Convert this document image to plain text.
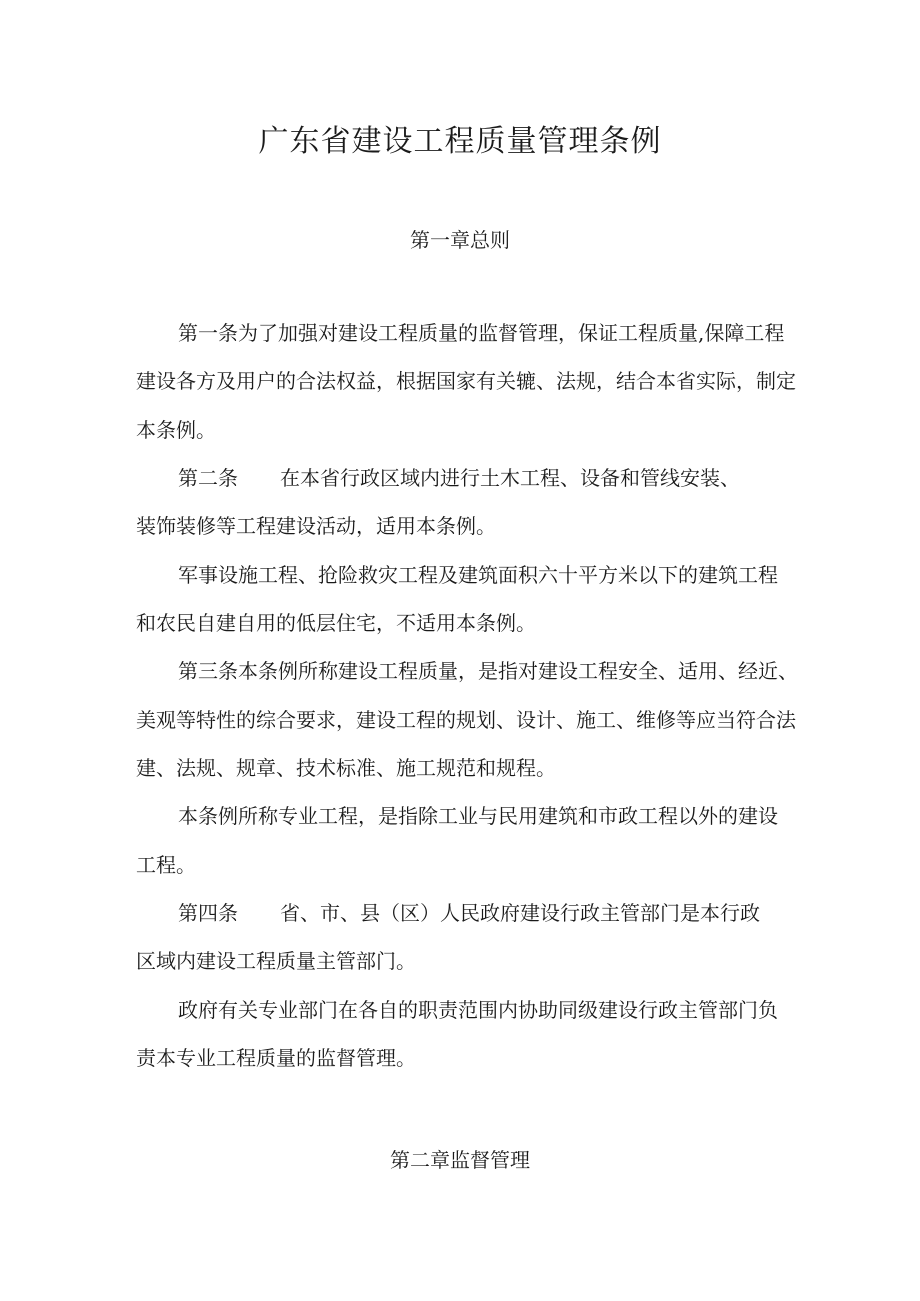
广东省建设工程质量管理条例
第一章总则
第一条为了加强对建设工程质量的监督管理，保证工程质量,保障工程
建设各方及用户的合法权益，根据国家有关辘、法规，结合本省实际，制定
本条例。
第二条 在本省行政区域内进行土木工程、设备和管线安装、
装饰装修等工程建设活动，适用本条例。
军事设施工程、抢险救灾工程及建筑面积六十平方米以下的建筑工程
和农民自建自用的低层住宅，不适用本条例。
第三条本条例所称建设工程质量，是指对建设工程安全、适用、经近、
美观等特性的综合要求，建设工程的规划、设计、施工、维修等应当符合法
建、法规、规章、技术标准、施工规范和规程。
本条例所称专业工程，是指除工业与民用建筑和市政工程以外的建设
工程。
第四条 省、市、县（区）人民政府建设行政主管部门是本行政
区域内建设工程质量主管部门。
政府有关专业部门在各自的职责范围内协助同级建设行政主管部门负
责本专业工程质量的监督管理。
第二章监督管理
